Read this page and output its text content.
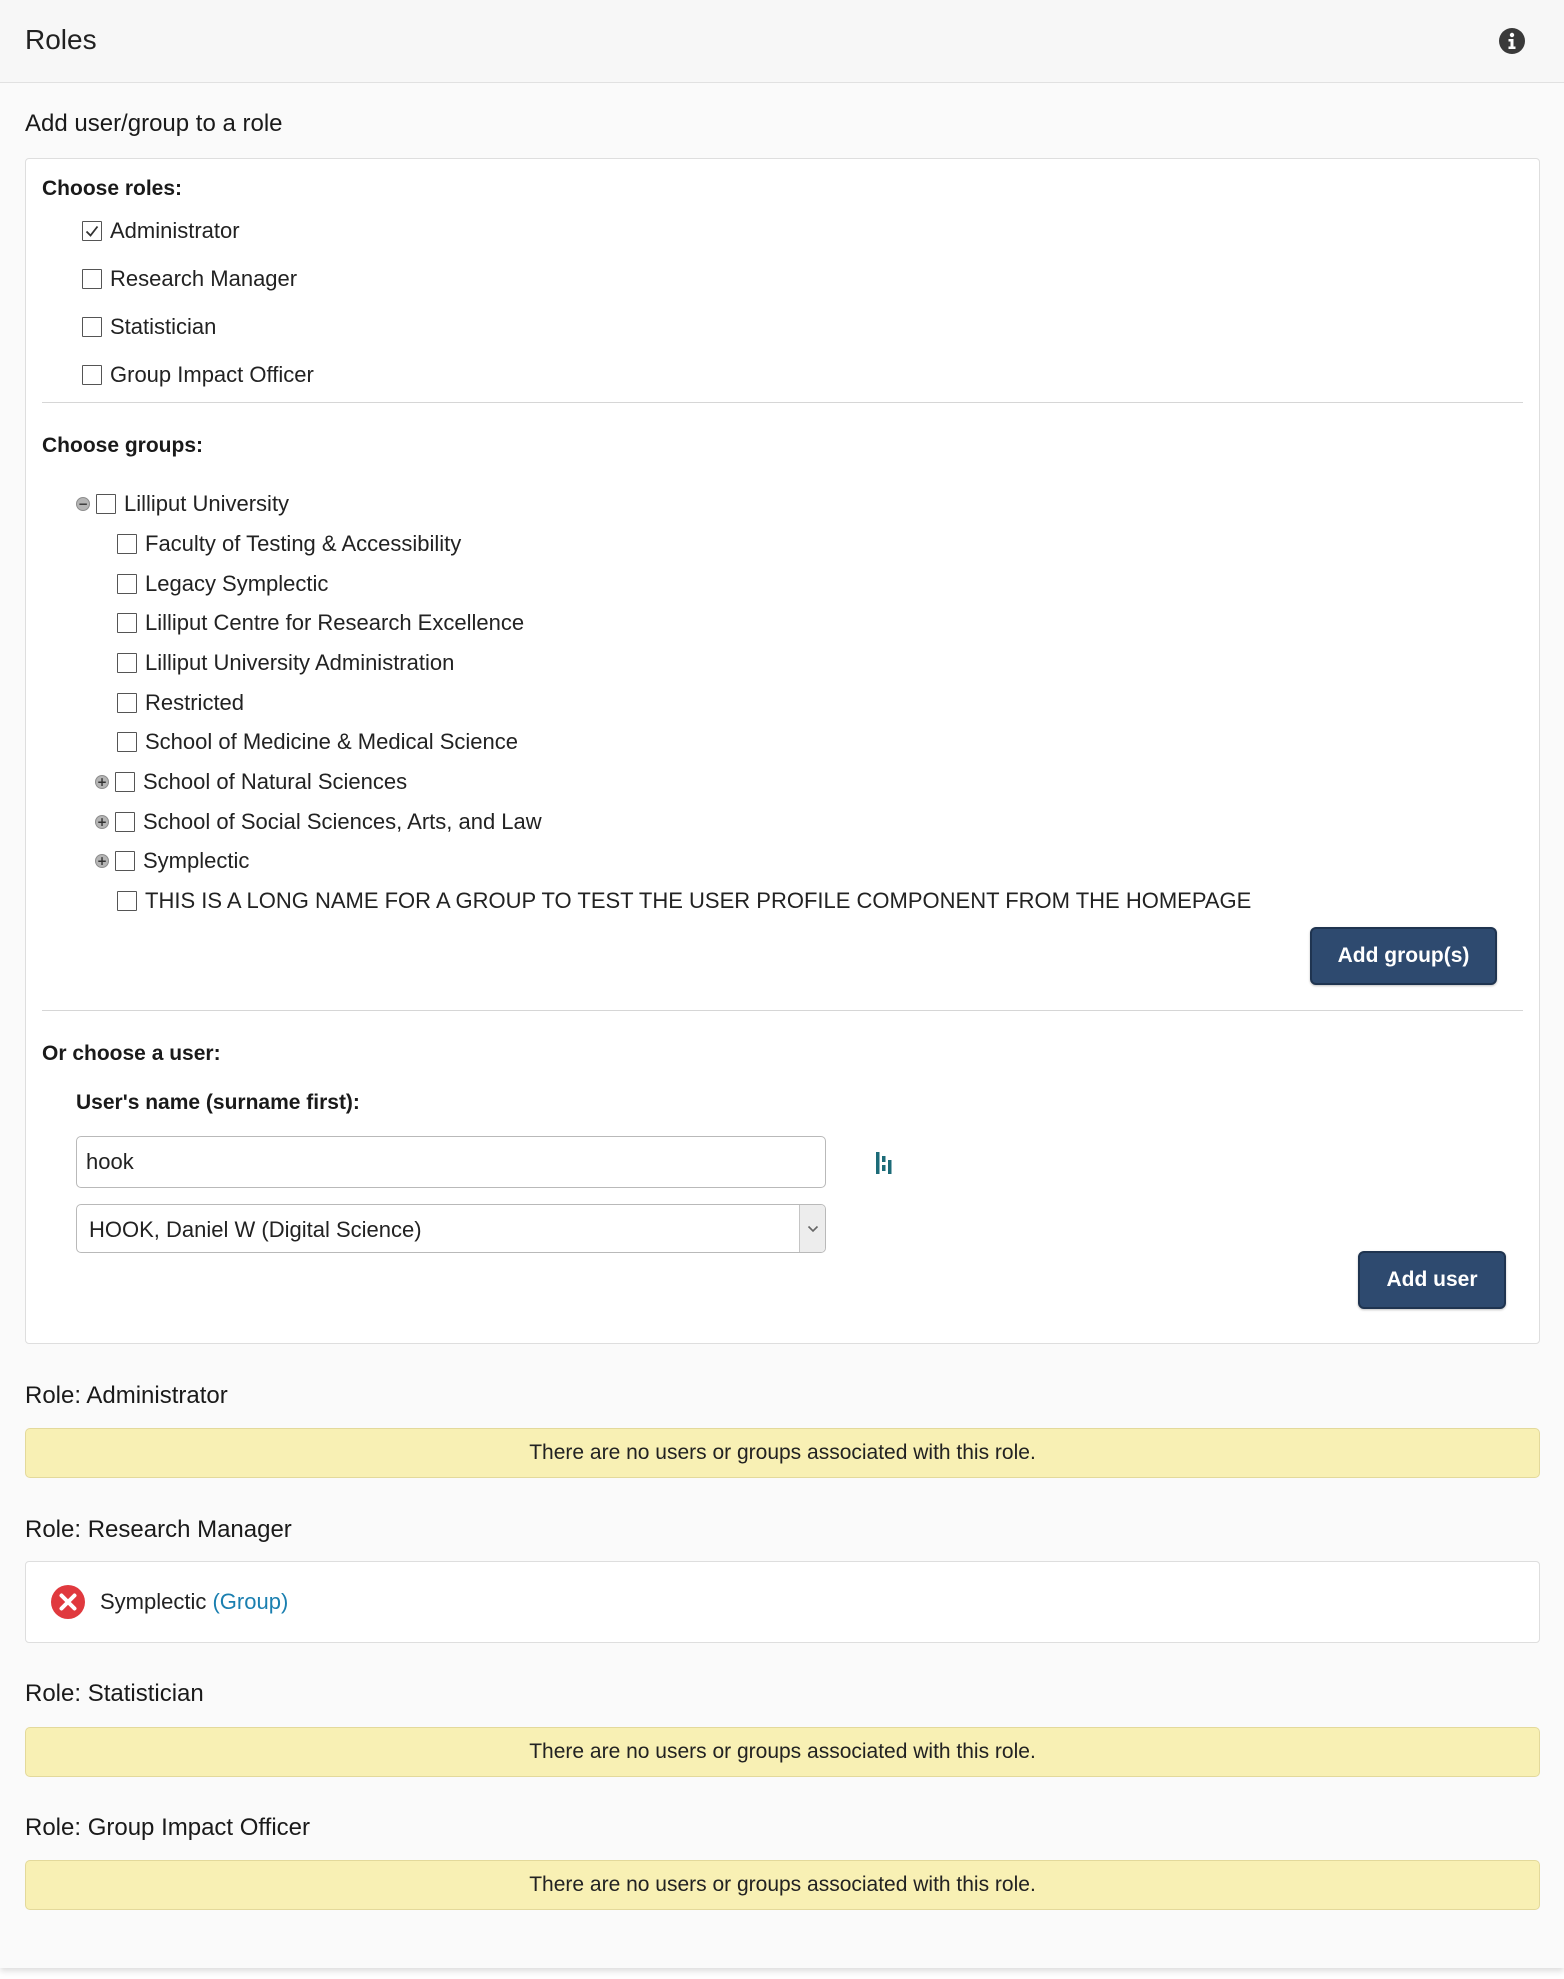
Roles
Add user/group to a role
Choose roles:
Administrator
Research Manager
Statistician
Group Impact Officer
Choose groups:
− Lilliput University
Faculty of Testing & Accessibility
Legacy Symplectic
Lilliput Centre for Research Excellence
Lilliput University Administration
Restricted
School of Medicine & Medical Science
+ School of Natural Sciences
+ School of Social Sciences, Arts, and Law
+ Symplectic
THIS IS A LONG NAME FOR A GROUP TO TEST THE USER PROFILE COMPONENT FROM THE HOMEPAGE
Add group(s)
Or choose a user:
User's name (surname first):
hook
HOOK, Daniel W (Digital Science)
Add user
Role: Administrator
There are no users or groups associated with this role.
Role: Research Manager
Symplectic (Group)
Role: Statistician
There are no users or groups associated with this role.
Role: Group Impact Officer
There are no users or groups associated with this role.
